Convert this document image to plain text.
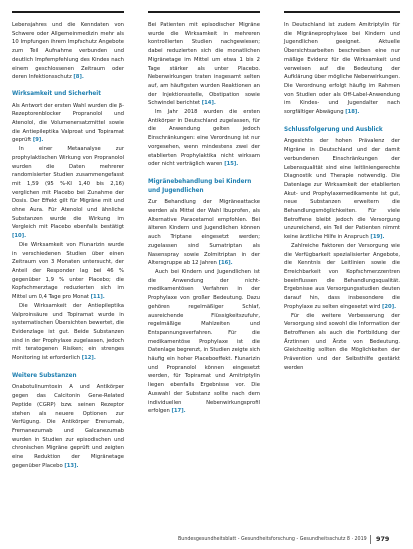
Lebensjahres und die Kenndaten von Schwere oder Allgemeinmedizin mehr als 10 Impfungen ihrem Impfschutz Angebote zum Teil Aufnahme verbunden und deutlich Impfempfehlung des Kindes nach einem geschlossenen Zeitraum oder deren Infektionsschutz [8].

Wirksamkeit und Sicherheit

Als Antwort der ersten Wahl wurden die β-Rezeptorenblocker Propranolol und Atenolol, die Volumenersatzmittel sowie die Antiepileptika Valproat und Topiramat geprüft [9].

In einer Metaanalyse zur prophylaktischen Wirkung von Propranolol wurden die Daten mehrerer randomisierter Studien zusammengefasst mit 1,59 (95 %-KI 1,40 bis 2,16) verglichen mit Placebo bei Zunahme der Dosis. Der Effekt gilt für Migräne mit und ohne Aura. Für Atenolol und ähnliche Substanzen wurde die Wirkung im Vergleich mit Placebo ebenfalls bestätigt [10].

Die Wirksamkeit von Flunarizin wurde in verschiedenen Studien über einen Zeitraum von 3 Monaten untersucht, der Anteil der Responder lag bei 46 % gegenüber 1,9 % unter Placebo; die Kopfschmerztage reduzierten sich im Mittel um 0,4 Tage pro Monat [11].

Die Wirksamkeit der Antiepileptika Valproinsäure und Topiramat wurde in systematischen Übersichten bewertet, die Evidenzlage ist gut. Beide Substanzen sind in der Prophylaxe zugelassen, jedoch mit teratogenen Risiken; ein strenges Monitoring ist erforderlich [12].

Weitere Substanzen

Onabotulinumtoxin A und Antikörper gegen das Calcitonin Gene-Related Peptide (CGRP) bzw. seinen Rezeptor stehen als neuere Optionen zur Verfügung. Die Antikörper Erenumab, Fremanezumab und Galcanezumab wurden in Studien zur episodischen und chronischen Migräne geprüft und zeigten eine Reduktion der Migränetage gegenüber Placebo [13].

Bei Patienten mit episodischer Migräne wurde die Wirksamkeit in mehreren kontrollierten Studien nachgewiesen; dabei reduzierten sich die monatlichen Migränetage im Mittel um etwa 1 bis 2 Tage stärker als unter Placebo. Nebenwirkungen traten insgesamt selten auf, am häufigsten wurden Reaktionen an der Injektionsstelle, Obstipation sowie Schwindel berichtet [14].

Im Jahr 2018 wurden die ersten Antikörper in Deutschland zugelassen, für die Anwendung gelten jedoch Einschränkungen: eine Verordnung ist nur vorgesehen, wenn mindestens zwei der etablierten Prophylaktika nicht wirksam oder nicht verträglich waren [15].

Migränebehandlung bei Kindern und Jugendlichen

Zur Behandlung der Migräneattacke werden als Mittel der Wahl Ibuprofen, als Alternative Paracetamol empfohlen. Bei älteren Kindern und Jugendlichen können auch Triptane eingesetzt werden; zugelassen sind Sumatriptan als Nasenspray sowie Zolmitriptan in der Altersgruppe ab 12 Jahren [16].

Auch bei Kindern und Jugendlichen ist die Anwendung der nicht-medikamentösen Verfahren in der Prophylaxe von großer Bedeutung. Dazu gehören regelmäßiger Schlaf, ausreichende Flüssigkeitszufuhr, regelmäßige Mahlzeiten und Entspannungsverfahren. Für die medikamentöse Prophylaxe ist die Datenlage begrenzt, in Studien zeigte sich häufig ein hoher Placeboeffekt. Flunarizin und Propranolol können eingesetzt werden, für Topiramat und Amitriptylin liegen ebenfalls Ergebnisse vor. Die Auswahl der Substanz sollte nach dem individuellen Nebenwirkungsprofil erfolgen [17].

In Deutschland ist zudem Amitriptylin für die Migräneprophylaxe bei Kindern und Jugendlichen geeignet. Aktuelle Übersichtsarbeiten beschreiben eine nur mäßige Evidenz für die Wirksamkeit und verweisen auf die Bedeutung der Aufklärung über mögliche Nebenwirkungen. Die Verordnung erfolgt häufig im Rahmen von Studien oder als Off-Label-Anwendung im Kindes- und Jugendalter nach sorgfältiger Abwägung [18].

Schlussfolgerung und Ausblick

Angesichts der hohen Prävalenz der Migräne in Deutschland und der damit verbundenen Einschränkungen der Lebensqualität sind eine leitliniengerechte Diagnostik und Therapie notwendig. Die Datenlage zur Wirksamkeit der etablierten Akut- und Prophylaxemedikamente ist gut, neue Substanzen erweitern die Behandlungsmöglichkeiten. Für viele Betroffene bleibt jedoch die Versorgung unzureichend, ein Teil der Patienten nimmt keine ärztliche Hilfe in Anspruch [19].

Zahlreiche Faktoren der Versorgung wie die Verfügbarkeit spezialisierter Angebote, die Kenntnis der Leitlinien sowie die Erreichbarkeit von Kopfschmerzzentren beeinflussen die Behandlungsqualität. Ergebnisse aus Versorgungsstudien deuten darauf hin, dass insbesondere die Prophylaxe zu selten eingesetzt wird [20].

Für die weitere Verbesserung der Versorgung sind sowohl die Information der Betroffenen als auch die Fortbildung der Ärztinnen und Ärzte von Bedeutung. Gleichzeitig sollten die Möglichkeiten der Prävention und der Selbsthilfe gestärkt werden

Bundesgesundheitsblatt - Gesundheitsforschung - Gesundheitsschutz 8 · 2019 979
